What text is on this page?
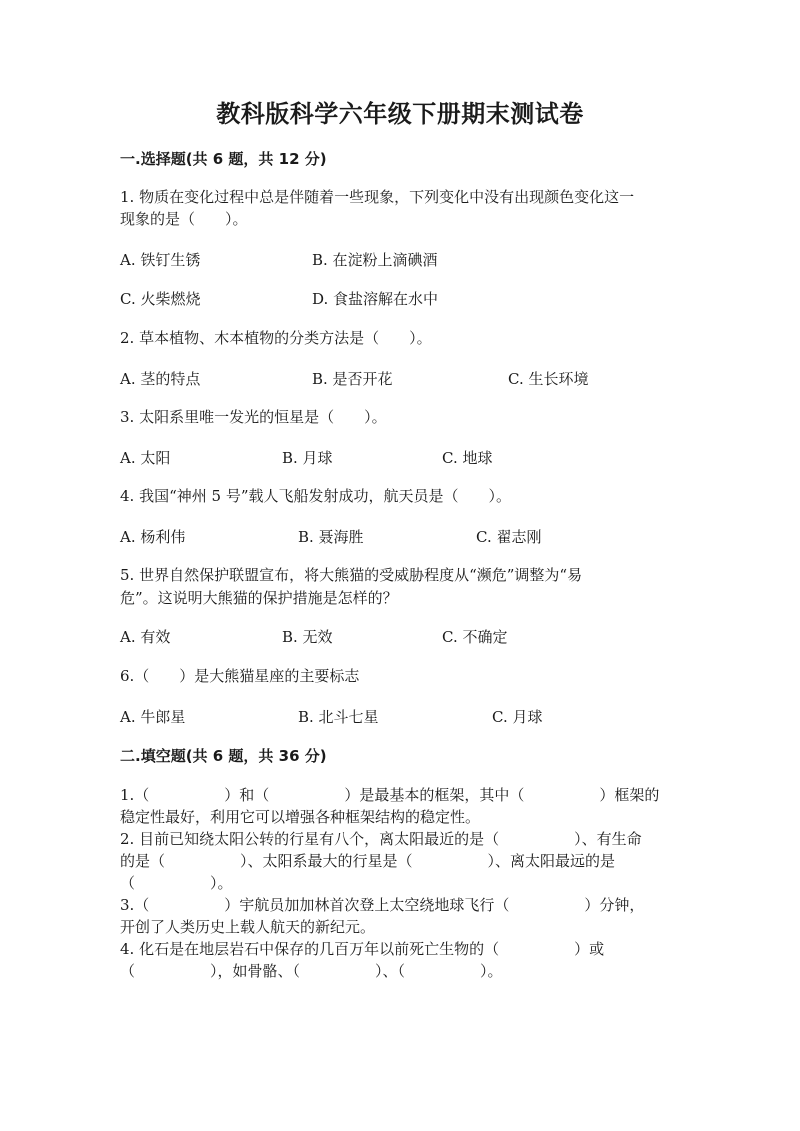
教科版科学六年级下册期末测试卷
一.选择题(共 6 题，共 12 分)
1. 物质在变化过程中总是伴随着一些现象，下列变化中没有出现颜色变化这一
现象的是（　　）。
A. 铁钉生锈	B. 在淀粉上滴碘酒
C. 火柴燃烧	D. 食盐溶解在水中
2. 草本植物、木本植物的分类方法是（　　）。
A. 茎的特点	B. 是否开花	C. 生长环境
3. 太阳系里唯一发光的恒星是（　　）。
A. 太阳	B. 月球	C. 地球
4. 我国“神州 5 号”载人飞船发射成功，航天员是（　　）。
A. 杨利伟	B. 聂海胜	C. 翟志刚
5. 世界自然保护联盟宣布，将大熊猫的受威胁程度从“濒危”调整为“易
危”。这说明大熊猫的保护措施是怎样的？
A. 有效	B. 无效	C. 不确定
6.（　　）是大熊猫星座的主要标志
A. 牛郎星	B. 北斗七星	C. 月球
二.填空题(共 6 题，共 36 分)
1.（　　　　　）和（　　　　　）是最基本的框架，其中（　　　　　）框架的
稳定性最好，利用它可以增强各种框架结构的稳定性。
2. 目前已知绕太阳公转的行星有八个，离太阳最近的是（　　　　　）、有生命
的是（　　　　　）、太阳系最大的行星是（　　　　　）、离太阳最远的是
（　　　　　）。
3.（　　　　　）宇航员加加林首次登上太空绕地球飞行（　　　　　）分钟，
开创了人类历史上载人航天的新纪元。
4. 化石是在地层岩石中保存的几百万年以前死亡生物的（　　　　　）或
（　　　　　），如骨骼、（　　　　　）、（　　　　　）。
